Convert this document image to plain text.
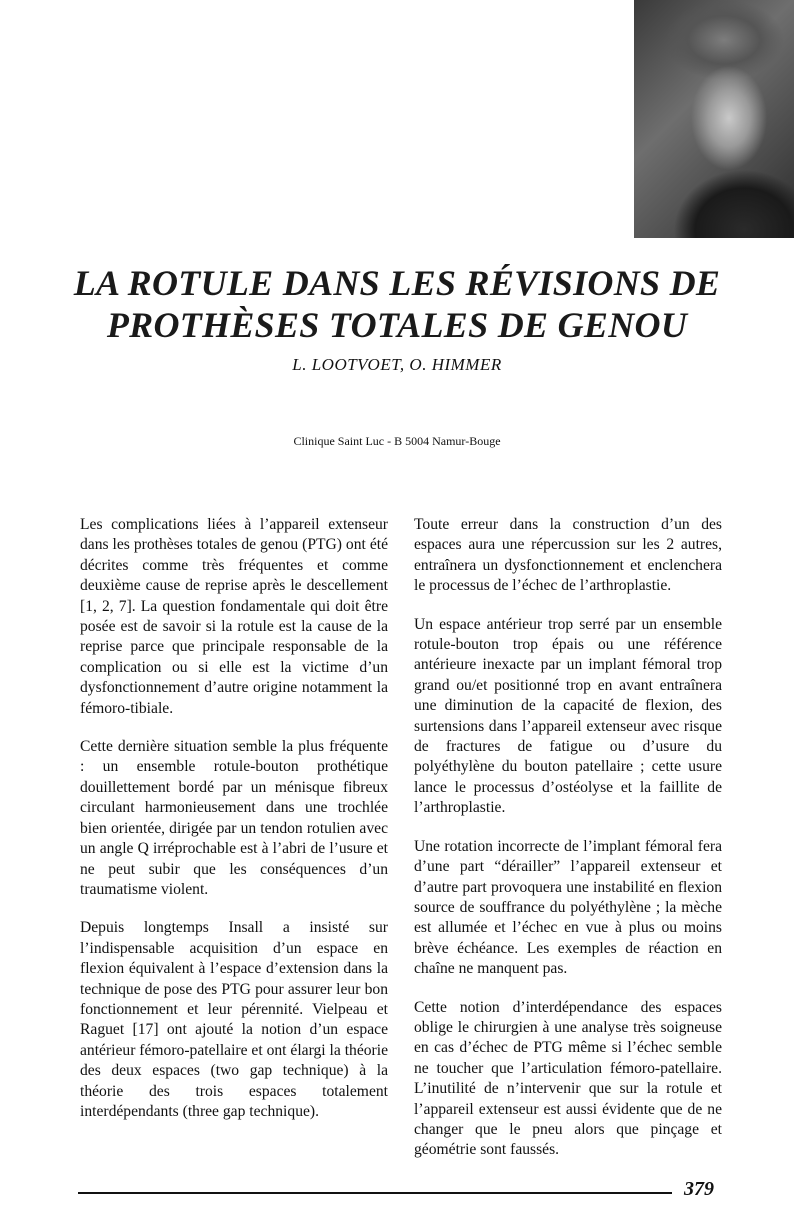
LA ROTULE DANS LES RÉVISIONS DE
PROTHÈSES TOTALES DE GENOU
L. LOOTVOET, O. HIMMER
Clinique Saint Luc - B 5004 Namur-Bouge

Les complications liées à l’appareil extenseur dans les prothèses totales de genou (PTG) ont été décrites comme très fréquentes et comme deuxième cause de reprise après le descellement [1, 2, 7]. La question fondamentale qui doit être posée est de savoir si la rotule est la cause de la reprise parce que principale responsable de la complication ou si elle est la victime d’un dysfonctionnement d’autre origine notamment la fémoro-tibiale.

Cette dernière situation semble la plus fréquente : un ensemble rotule-bouton prothétique douillettement bordé par un ménisque fibreux circulant harmonieusement dans une trochlée bien orientée, dirigée par un tendon rotulien avec un angle Q irréprochable est à l’abri de l’usure et ne peut subir que les conséquences d’un traumatisme violent.

Depuis longtemps Insall a insisté sur l’indispensable acquisition d’un espace en flexion équivalent à l’espace d’extension dans la technique de pose des PTG pour assurer leur bon fonctionnement et leur pérennité. Vielpeau et Raguet [17] ont ajouté la notion d’un espace antérieur fémoro-patellaire et ont élargi la théorie des deux espaces (two gap technique) à la théorie des trois espaces totalement interdépendants (three gap technique).

Toute erreur dans la construction d’un des espaces aura une répercussion sur les 2 autres, entraînera un dysfonctionnement et enclenchera le processus de l’échec de l’arthroplastie.

Un espace antérieur trop serré par un ensemble rotule-bouton trop épais ou une référence antérieure inexacte par un implant fémoral trop grand ou/et positionné trop en avant entraînera une diminution de la capacité de flexion, des surtensions dans l’appareil extenseur avec risque de fractures de fatigue ou d’usure du polyéthylène du bouton patellaire ; cette usure lance le processus d’ostéolyse et la faillite de l’arthroplastie.

Une rotation incorrecte de l’implant fémoral fera d’une part “dérailler” l’appareil extenseur et d’autre part provoquera une instabilité en flexion source de souffrance du polyéthylène ; la mèche est allumée et l’échec en vue à plus ou moins brève échéance. Les exemples de réaction en chaîne ne manquent pas.

Cette notion d’interdépendance des espaces oblige le chirurgien à une analyse très soigneuse en cas d’échec de PTG même si l’échec semble ne toucher que l’articulation fémoro-patellaire. L’inutilité de n’intervenir que sur la rotule et l’appareil extenseur est aussi évidente que de ne changer que le pneu alors que pinçage et géométrie sont faussés.

379
